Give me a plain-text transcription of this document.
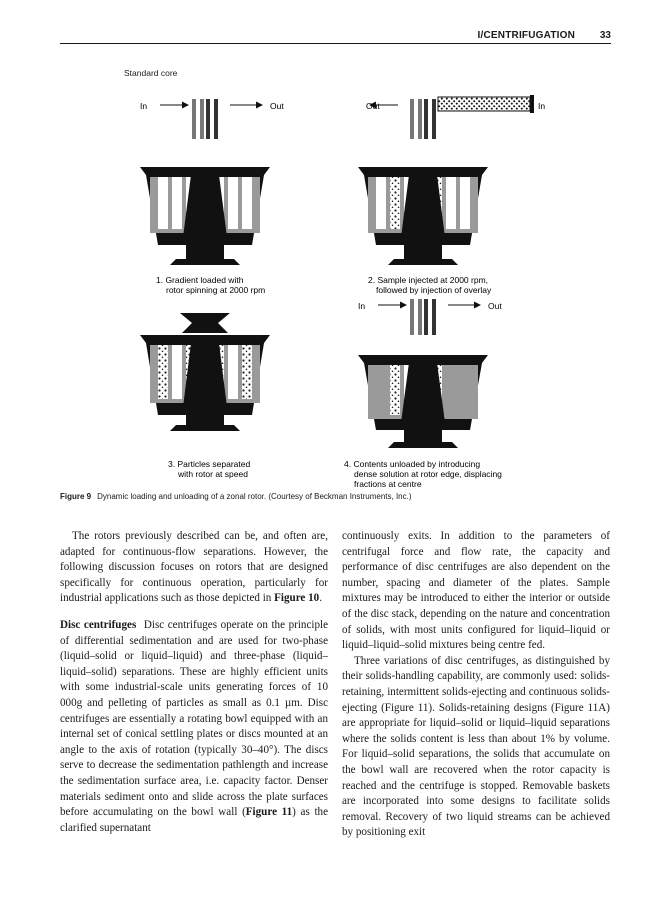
I/CENTRIFUGATION 33
Standard core
In	Out
1. Gradient loaded with
rotor spinning at 2000 rpm
Out	In
2. Sample injected at 2000 rpm,
followed by injection of overlay
3. Particles separated
with rotor at speed
In	Out
4. Contents unloaded by introducing
dense solution at rotor edge, displacing
fractions at centre
Figure 9 Dynamic loading and unloading of a zonal rotor. (Courtesy of Beckman Instruments, Inc.)

The rotors previously described can be, and often are, adapted for continuous-flow separations. However, the following discussion focuses on rotors that are designed specifically for continuous operation, particularly for industrial applications such as those depicted in Figure 10.

Disc centrifuges Disc centrifuges operate on the principle of differential sedimentation and are used for two-phase (liquid–solid or liquid–liquid) and three-phase (liquid–liquid–solid) separations. These are highly efficient units with some industrial-scale units generating forces of 10 000g and pelleting of particles as small as 0.1 µm. Disc centrifuges are essentially a rotating bowl equipped with an internal set of conical settling plates or discs mounted at an angle to the axis of rotation (typically 30–40°). The discs serve to decrease the sedimentation pathlength and increase the sedimentation surface area, i.e. capacity factor. Denser materials sediment onto and slide across the plate surfaces before accumulating on the bowl wall (Figure 11) as the clarified supernatant

continuously exits. In addition to the parameters of centrifugal force and flow rate, the capacity and performance of disc centrifuges are also dependent on the number, spacing and diameter of the plates. Sample mixtures may be introduced to either the interior or outside of the disc stack, depending on the nature and concentration of solids, with most units configured for liquid–liquid or liquid–liquid–solid mixtures being centre fed.

Three variations of disc centrifuges, as distinguished by their solids-handling capability, are commonly used: solids-retaining, intermittent solids-ejecting and continuous solids-ejecting (Figure 11). Solids-retaining designs (Figure 11A) are appropriate for liquid–solid or liquid–liquid separations where the solids content is less than about 1% by volume. For liquid–solid separations, the solids that accumulate on the bowl wall are recovered when the rotor capacity is reached and the centrifuge is stopped. Removable baskets are incorporated into some designs to facilitate solids removal. Recovery of two liquid streams can be achieved by positioning exit
